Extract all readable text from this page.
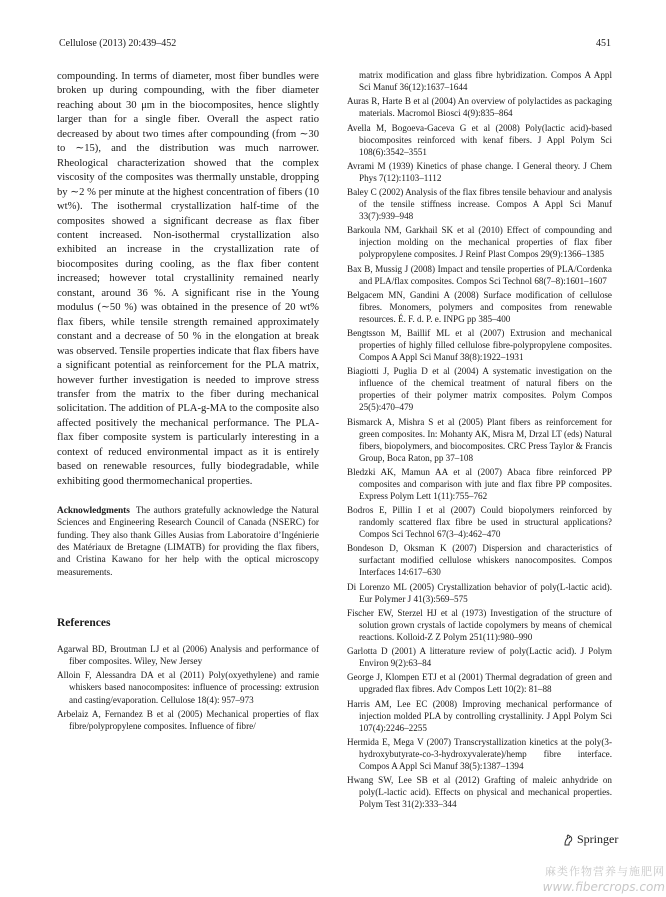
Cellulose (2013) 20:439–452	451

compounding. In terms of diameter, most fiber bundles were broken up during compounding, with the fiber diameter reaching about 30 μm in the biocomposites, hence slightly larger than for a single fiber. Overall the aspect ratio decreased by about two times after compounding (from ∼30 to ∼15), and the distribution was much narrower. Rheological characterization showed that the complex viscosity of the composites was thermally unstable, dropping by ∼2 % per minute at the highest concentration of fibers (10 wt%). The isothermal crystallization half-time of the composites showed a significant decrease as flax fiber content increased. Non-isothermal crystallization also exhibited an increase in the crystallization rate of biocomposites during cooling, as the flax fiber content increased; however total crystallinity remained nearly constant, around 36 %. A significant rise in the Young modulus (∼50 %) was obtained in the presence of 20 wt% flax fibers, while tensile strength remained approximately constant and a decrease of 50 % in the elongation at break was observed. Tensile properties indicate that flax fibers have a significant potential as reinforcement for the PLA matrix, however further investigation is needed to improve stress transfer from the matrix to the fiber during mechanical solicitation. The addition of PLA-g-MA to the composite also affected positively the mechanical performance. The PLA-flax fiber composite system is particularly interesting in a context of reduced environmental impact as it is entirely based on renewable resources, fully biodegradable, while exhibiting good thermomechanical properties.

Acknowledgments The authors gratefully acknowledge the Natural Sciences and Engineering Research Council of Canada (NSERC) for funding. They also thank Gilles Ausias from Laboratoire d’Ingénierie des Matériaux de Bretagne (LIMATB) for providing the flax fibers, and Cristina Kawano for her help with the optical microscopy measurements.

References
Agarwal BD, Broutman LJ et al (2006) Analysis and performance of fiber composites. Wiley, New Jersey
Alloin F, Alessandra DA et al (2011) Poly(oxyethylene) and ramie whiskers based nanocomposites: influence of processing: extrusion and casting/evaporation. Cellulose 18(4): 957–973
Arbelaiz A, Fernandez B et al (2005) Mechanical properties of flax fibre/polypropylene composites. Influence of fibre/
matrix modification and glass fibre hybridization. Compos A Appl Sci Manuf 36(12):1637–1644
Auras R, Harte B et al (2004) An overview of polylactides as packaging materials. Macromol Biosci 4(9):835–864
Avella M, Bogoeva-Gaceva G et al (2008) Poly(lactic acid)-based biocomposites reinforced with kenaf fibers. J Appl Polym Sci 108(6):3542–3551
Avrami M (1939) Kinetics of phase change. I General theory. J Chem Phys 7(12):1103–1112
Baley C (2002) Analysis of the flax fibres tensile behaviour and analysis of the tensile stiffness increase. Compos A Appl Sci Manuf 33(7):939–948
Barkoula NM, Garkhail SK et al (2010) Effect of compounding and injection molding on the mechanical properties of flax fiber polypropylene composites. J Reinf Plast Compos 29(9):1366–1385
Bax B, Mussig J (2008) Impact and tensile properties of PLA/Cordenka and PLA/flax composites. Compos Sci Technol 68(7–8):1601–1607
Belgacem MN, Gandini A (2008) Surface modification of cellulose fibres. Monomers, polymers and composites from renewable resources. É. F. d. P. e. INPG pp 385–400
Bengtsson M, Baillif ML et al (2007) Extrusion and mechanical properties of highly filled cellulose fibre-polypropylene composites. Compos A Appl Sci Manuf 38(8):1922–1931
Biagiotti J, Puglia D et al (2004) A systematic investigation on the influence of the chemical treatment of natural fibers on the properties of their polymer matrix composites. Polym Compos 25(5):470–479
Bismarck A, Mishra S et al (2005) Plant fibers as reinforcement for green composites. In: Mohanty AK, Misra M, Drzal LT (eds) Natural fibers, biopolymers, and biocomposites. CRC Press Taylor & Francis Group, Boca Raton, pp 37–108
Bledzki AK, Mamun AA et al (2007) Abaca fibre reinforced PP composites and comparison with jute and flax fibre PP composites. Express Polym Lett 1(11):755–762
Bodros E, Pillin I et al (2007) Could biopolymers reinforced by randomly scattered flax fibre be used in structural applications? Compos Sci Technol 67(3–4):462–470
Bondeson D, Oksman K (2007) Dispersion and characteristics of surfactant modified cellulose whiskers nanocomposites. Compos Interfaces 14:617–630
Di Lorenzo ML (2005) Crystallization behavior of poly(L-lactic acid). Eur Polymer J 41(3):569–575
Fischer EW, Sterzel HJ et al (1973) Investigation of the structure of solution grown crystals of lactide copolymers by means of chemical reactions. Kolloid-Z Z Polym 251(11):980–990
Garlotta D (2001) A litterature review of poly(Lactic acid). J Polym Environ 9(2):63–84
George J, Klompen ETJ et al (2001) Thermal degradation of green and upgraded flax fibres. Adv Compos Lett 10(2): 81–88
Harris AM, Lee EC (2008) Improving mechanical performance of injection molded PLA by controlling crystallinity. J Appl Polym Sci 107(4):2246–2255
Hermida E, Mega V (2007) Transcrystallization kinetics at the poly(3-hydroxybutyrate-co-3-hydroxyvalerate)/hemp fibre interface. Compos A Appl Sci Manuf 38(5):1387–1394
Hwang SW, Lee SB et al (2012) Grafting of maleic anhydride on poly(L-lactic acid). Effects on physical and mechanical properties. Polym Test 31(2):333–344
Springer
麻类作物营养与施肥网
www.fibercrops.com
